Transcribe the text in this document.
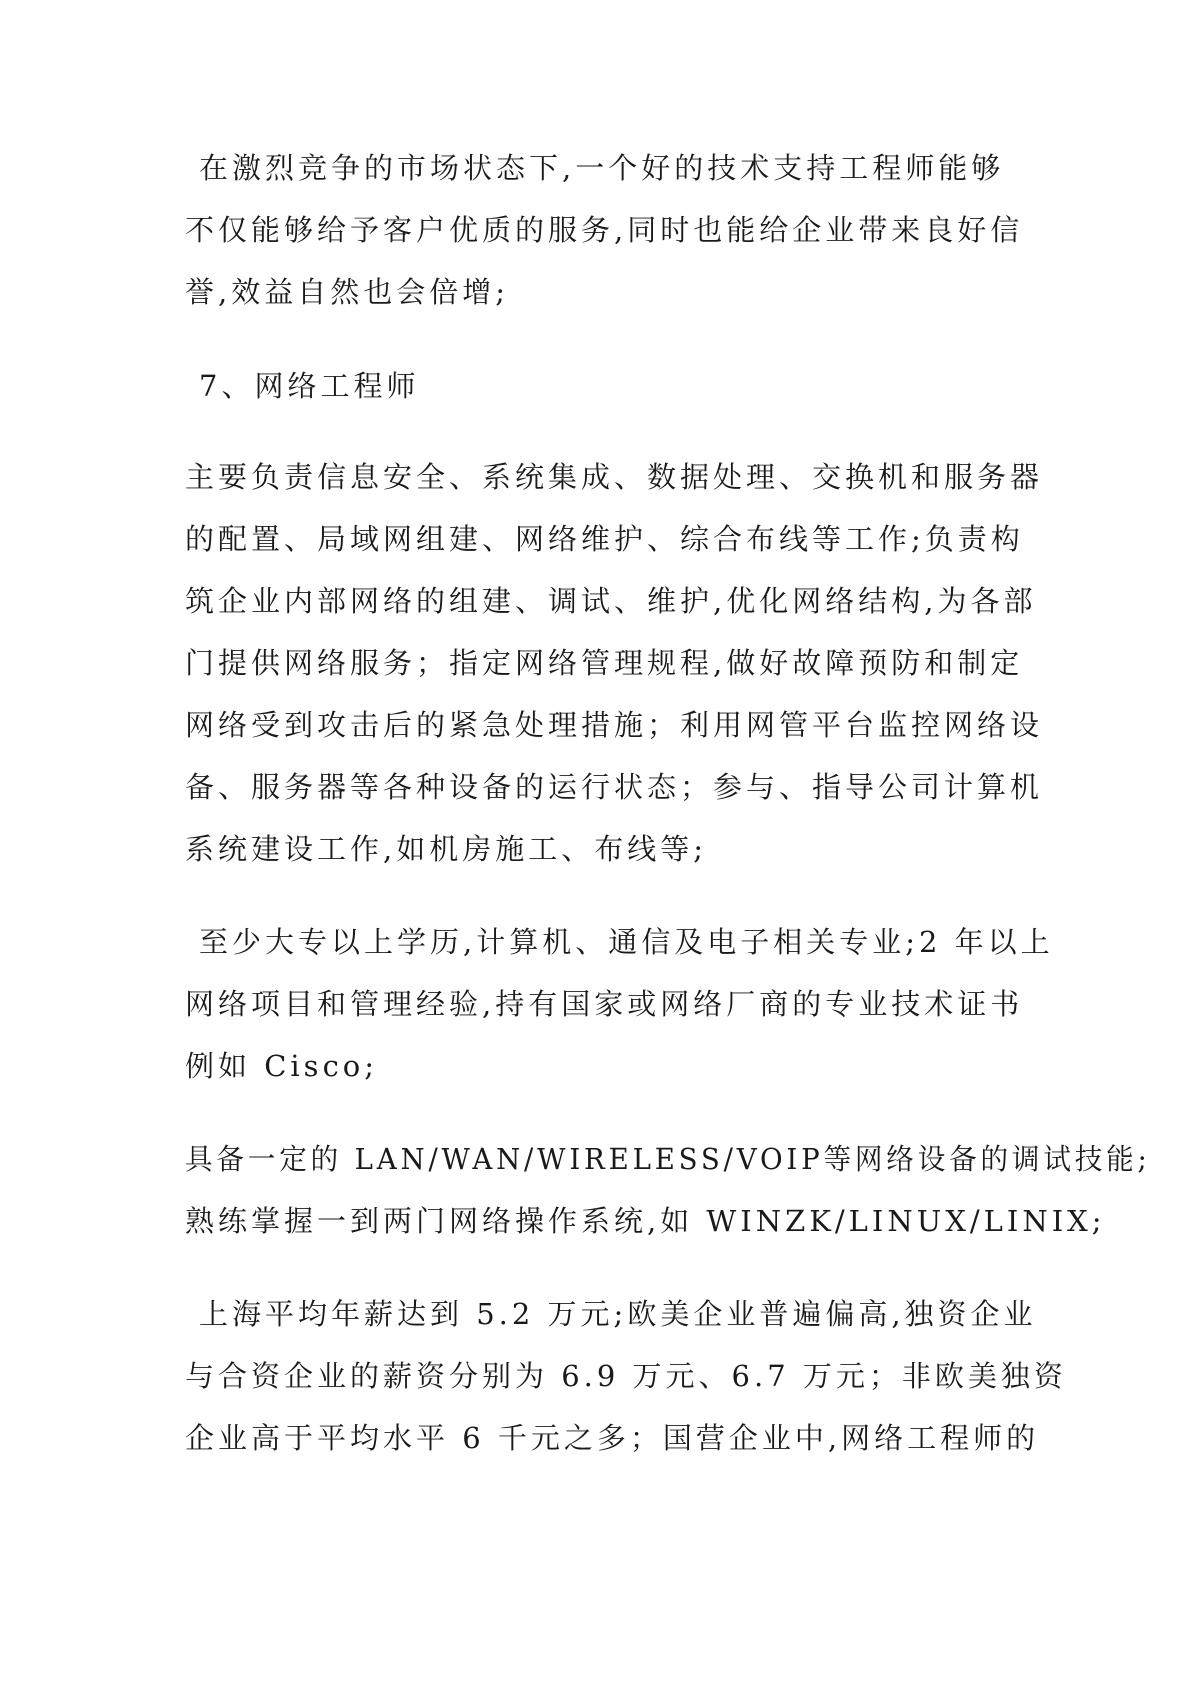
在激烈竞争的市场状态下,一个好的技术支持工程师能够
不仅能够给予客户优质的服务,同时也能给企业带来良好信
誉,效益自然也会倍增;
7、网络工程师
主要负责信息安全、系统集成、数据处理、交换机和服务器
的配置、局域网组建、网络维护、综合布线等工作;负责构
筑企业内部网络的组建、调试、维护,优化网络结构,为各部
门提供网络服务；指定网络管理规程,做好故障预防和制定
网络受到攻击后的紧急处理措施；利用网管平台监控网络设
备、服务器等各种设备的运行状态；参与、指导公司计算机
系统建设工作,如机房施工、布线等;
至少大专以上学历,计算机、通信及电子相关专业;2 年以上
网络项目和管理经验,持有国家或网络厂商的专业技术证书
例如 Cisco;
具备一定的 LAN/WAN/WIRELESS/VOIP等网络设备的调试技能;
熟练掌握一到两门网络操作系统,如 WINZK/LINUX/LINIX;
上海平均年薪达到 5.2 万元;欧美企业普遍偏高,独资企业
与合资企业的薪资分别为 6.9 万元、6.7 万元；非欧美独资
企业高于平均水平 6 千元之多；国营企业中,网络工程师的
